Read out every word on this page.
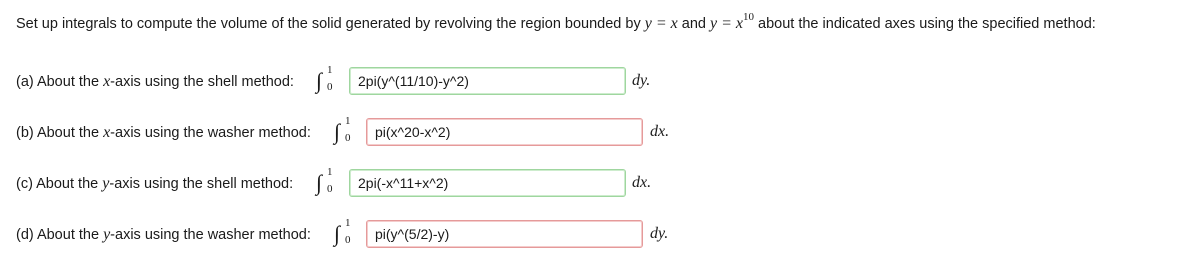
Set up integrals to compute the volume of the solid generated by revolving the region bounded by y = x and $y = x^{10}$ about the indicated axes using the specified method:
(a) About the x-axis using the shell method: ∫ 1
0	2pi(y^(11/10)-y^2)	dy.
(b) About the x-axis using the washer method: ∫ 1
0	pi(x^20-x^2)	dx.
(c) About the y-axis using the shell method: ∫ 1
0	2pi(-x^11+x^2)	dx.
(d) About the y-axis using the washer method: ∫ 1
0	pi(y^(5/2)-y)	dy.
